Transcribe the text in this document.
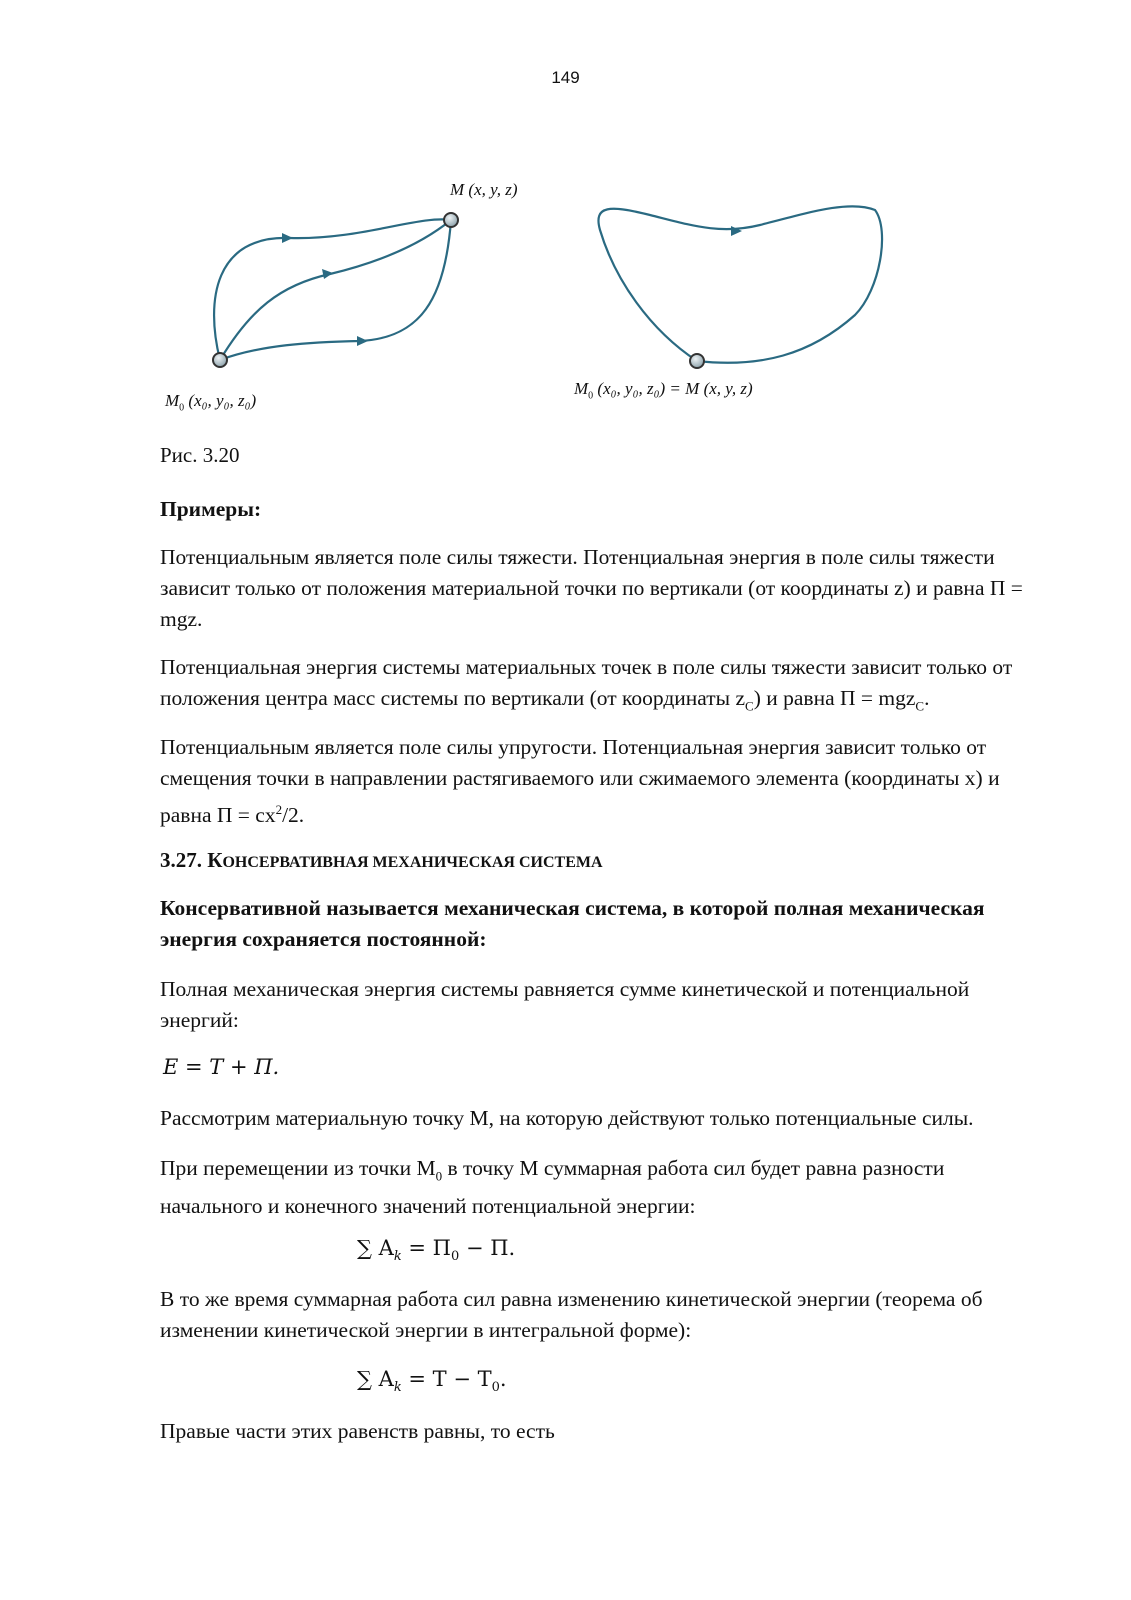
149
M (x, y, z)
$M_0$ (x₀, y₀, z₀)
$M_0$ (x₀, y₀, z₀) = M (x, y, z)
Рис. 3.20
Примеры:
Потенциальным является поле силы тяжести. Потенциальная энергия в поле силы тяжести зависит только от положения материальной точки по вертикали (от координаты z) и равна П = mgz.
Потенциальная энергия системы материальных точек в поле силы тяжести зависит только от положения центра масс системы по вертикали (от координаты $z_C$) и равна П = mgz$_C$.
Потенциальным является поле силы упругости. Потенциальная энергия зависит только от смещения точки в направлении растягиваемого или сжимаемого элемента (координаты x) и равна $П = cx^2/2$.
3.27. КОНСЕРВАТИВНАЯ МЕХАНИЧЕСКАЯ СИСТЕМА
Консервативной называется механическая система, в которой полная механическая энергия сохраняется постоянной:
Полная механическая энергия системы равняется сумме кинетической и потенциальной энергий:
E = T + П.
Рассмотрим материальную точку M, на которую действуют только потенциальные силы.
При перемещении из точки $M_0$ в точку M суммарная работа сил будет равна разности начального и конечного значений потенциальной энергии:
∑ $A_k = П_0 - П$.
В то же время суммарная работа сил равна изменению кинетической энергии (теорема об изменении кинетической энергии в интегральной форме):
∑ $A_k = T - T_0$.
Правые части этих равенств равны, то есть
